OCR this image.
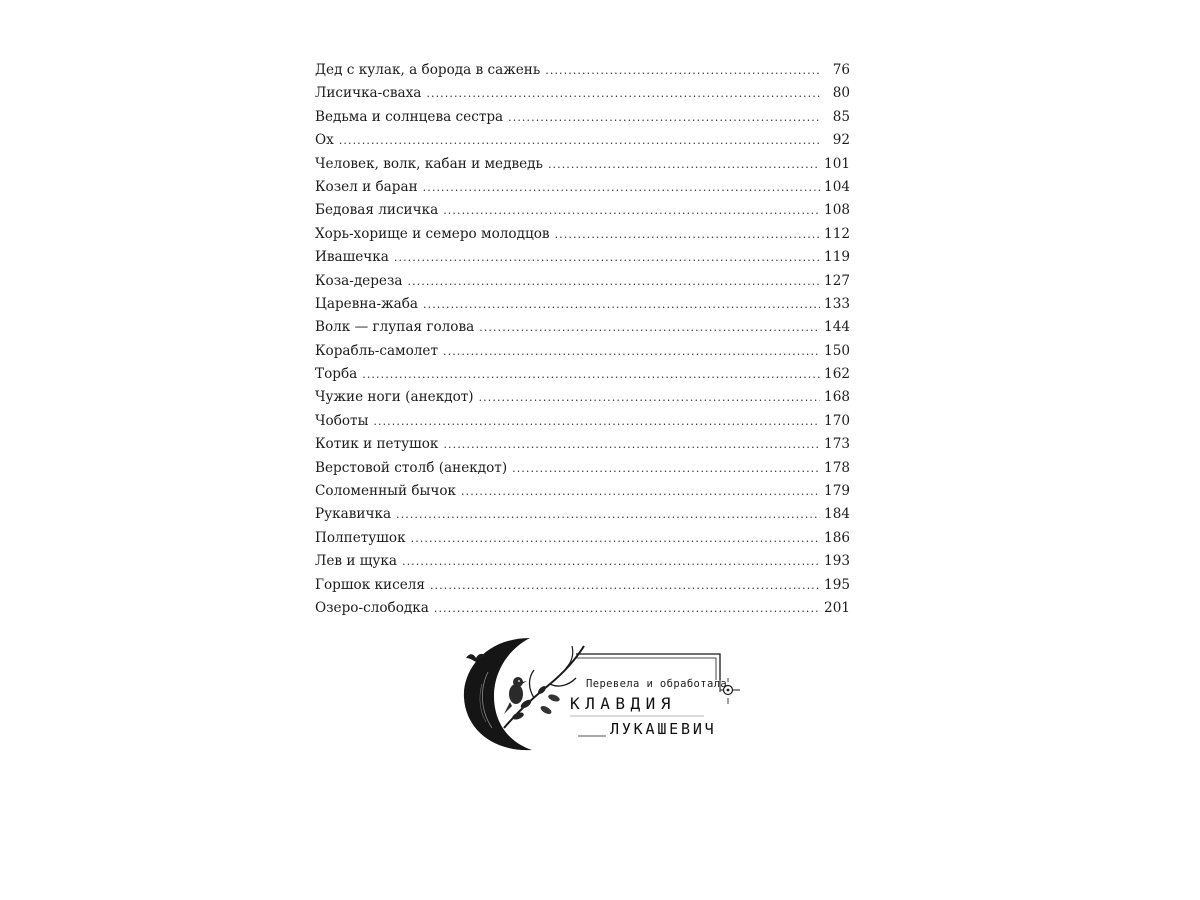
Дед с кулак, а борода в сажень . . .	76
Лисичка-сваха . . .	80
Ведьма и солнцева сестра . . .	85
Ох . . .	92
Человек, волк, кабан и медведь . . .	101
Козел и баран . . .	104
Бедовая лисичка . . .	108
Хорь-хорище и семеро молодцов . . .	112
Ивашечка . . .	119
Коза-дереза . . .	127
Царевна-жаба . . .	133
Волк — глупая голова . . .	144
Корабль-самолет . . .	150
Торба . . .	162
Чужие ноги (анекдот) . . .	168
Чоботы . . .	170
Котик и петушок . . .	173
Верстовой столб (анекдот) . . .	178
Соломенный бычок . . .	179
Рукавичка . . .	184
Полпетушок . . .	186
Лев и щука . . .	193
Горшок киселя . . .	195
Озеро-слободка . . .	201
Перевела и обработала
КЛАВДИЯ
ЛУКАШЕВИЧ
